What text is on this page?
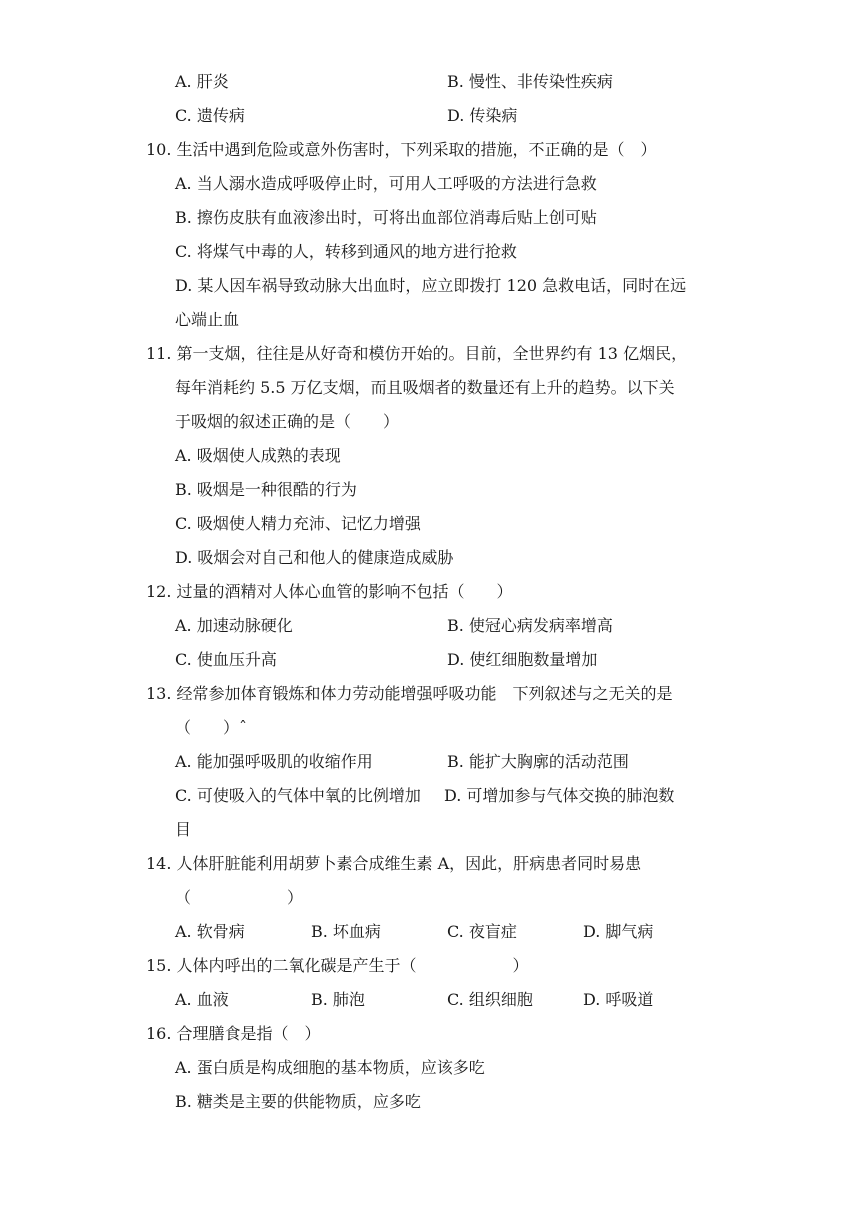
A. 肝炎	B. 慢性、非传染性疾病
C. 遗传病	D. 传染病
10. 生活中遇到危险或意外伤害时，下列采取的措施，不正确的是（　）
A. 当人溺水造成呼吸停止时，可用人工呼吸的方法进行急救
B. 擦伤皮肤有血液渗出时，可将出血部位消毒后贴上创可贴
C. 将煤气中毒的人，转移到通风的地方进行抢救
D. 某人因车祸导致动脉大出血时，应立即拨打 120 急救电话，同时在远
心端止血
11. 第一支烟，往往是从好奇和模仿开始的。目前，全世界约有 13 亿烟民，
每年消耗约 5.5 万亿支烟，而且吸烟者的数量还有上升的趋势。以下关
于吸烟的叙述正确的是（　　）
A. 吸烟使人成熟的表现
B. 吸烟是一种很酷的行为
C. 吸烟使人精力充沛、记忆力增强
D. 吸烟会对自己和他人的健康造成威胁
12. 过量的酒精对人体心血管的影响不包括（　　）
A. 加速动脉硬化	B. 使冠心病发病率增高
C. 使血压升高	D. 使红细胞数量增加
13. 经常参加体育锻炼和体力劳动能增强呼吸功能　下列叙述与之无关的是
（　　）ˆ
A. 能加强呼吸肌的收缩作用	B. 能扩大胸廓的活动范围
C. 可使吸入的气体中氧的比例增加 D. 可增加参与气体交换的肺泡数
目
14. 人体肝脏能利用胡萝卜素合成维生素 A，因此，肝病患者同时易患
（　　　　　　）
A. 软骨病	B. 坏血病	C. 夜盲症	D. 脚气病
15. 人体内呼出的二氧化碳是产生于（　　　　　　）
A. 血液	B. 肺泡	C. 组织细胞	D. 呼吸道
16. 合理膳食是指（　）
A. 蛋白质是构成细胞的基本物质，应该多吃
B. 糖类是主要的供能物质，应多吃
